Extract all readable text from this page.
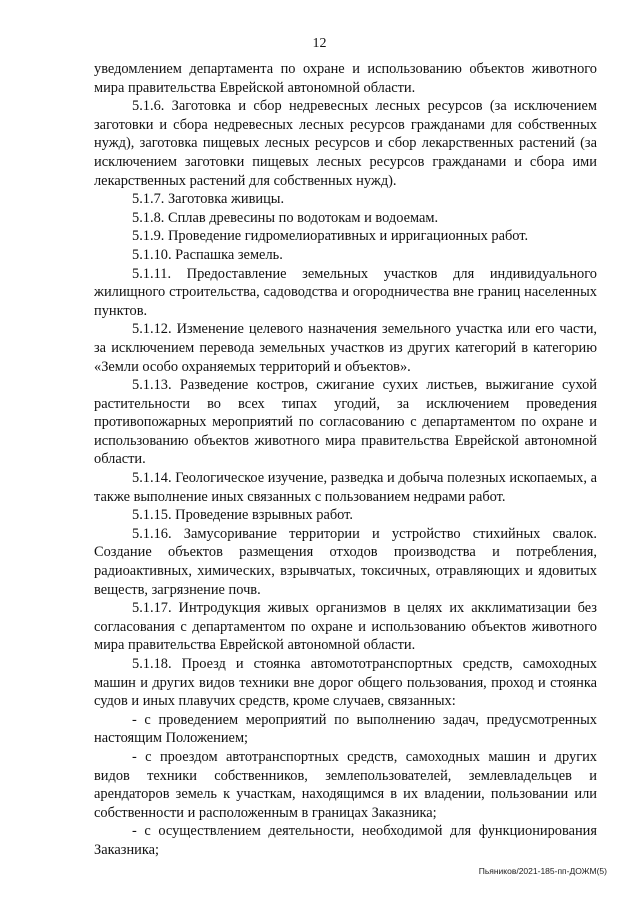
12

уведомлением департамента по охране и использованию объектов животного мира правительства Еврейской автономной области.

5.1.6. Заготовка и сбор недревесных лесных ресурсов (за исключением заготовки и сбора недревесных лесных ресурсов гражданами для собственных нужд), заготовка пищевых лесных ресурсов и сбор лекарственных растений (за исключением заготовки пищевых лесных ресурсов гражданами и сбора ими лекарственных растений для собственных нужд).

5.1.7. Заготовка живицы.

5.1.8. Сплав древесины по водотокам и водоемам.

5.1.9. Проведение гидромелиоративных и ирригационных работ.

5.1.10. Распашка земель.

5.1.11. Предоставление земельных участков для индивидуального жилищного строительства, садоводства и огородничества вне границ населенных пунктов.

5.1.12. Изменение целевого назначения земельного участка или его части, за исключением перевода земельных участков из других категорий в категорию «Земли особо охраняемых территорий и объектов».

5.1.13. Разведение костров, сжигание сухих листьев, выжигание сухой растительности во всех типах угодий, за исключением проведения противопожарных мероприятий по согласованию с департаментом по охране и использованию объектов животного мира правительства Еврейской автономной области.

5.1.14. Геологическое изучение, разведка и добыча полезных ископаемых, а также выполнение иных связанных с пользованием недрами работ.

5.1.15. Проведение взрывных работ.

5.1.16. Замусоривание территории и устройство стихийных свалок. Создание объектов размещения отходов производства и потребления, радиоактивных, химических, взрывчатых, токсичных, отравляющих и ядовитых веществ, загрязнение почв.

5.1.17. Интродукция живых организмов в целях их акклиматизации без согласования с департаментом по охране и использованию объектов животного мира правительства Еврейской автономной области.

5.1.18. Проезд и стоянка автомототранспортных средств, самоходных машин и других видов техники вне дорог общего пользования, проход и стоянка судов и иных плавучих средств, кроме случаев, связанных:

- с проведением мероприятий по выполнению задач, предусмотренных настоящим Положением;

- с проездом автотранспортных средств, самоходных машин и других видов техники собственников, землепользователей, землевладельцев и арендаторов земель к участкам, находящимся в их владении, пользовании или собственности и расположенным в границах Заказника;

- с осуществлением деятельности, необходимой для функционирования Заказника;

Пьяников/2021-185-пп-ДОЖМ(5)
